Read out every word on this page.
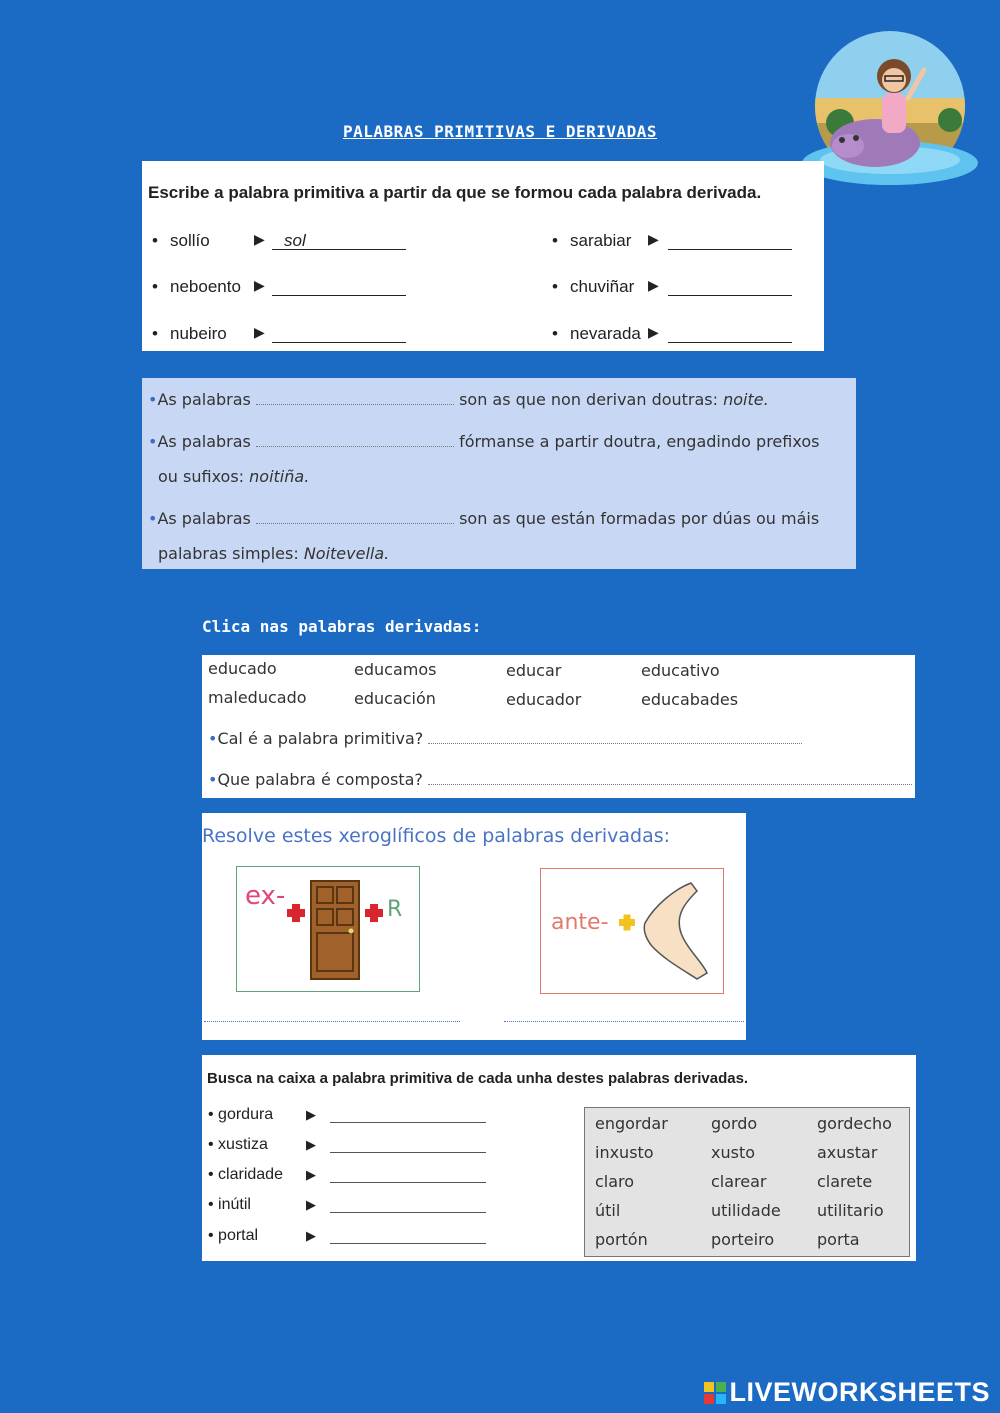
PALABRAS PRIMITIVAS E DERIVADAS
Escribe a palabra primitiva a partir da que se formou cada palabra derivada.
• sollío	▶	sol
• neboento ▶
• nubeiro ▶
• sarabiar ▶
• chuviñar ▶
• nevarada ▶
•As palabras	son as que non derivan doutras: noite.
•As palabras	fórmanse a partir doutra, engadindo prefixos
ou sufixos: noitiña.
•As palabras	son as que están formadas por dúas ou máis
palabras simples: Noitevella.
Clica nas palabras derivadas:
educado	educamos	educar	educativo
maleducado	educación	educador	educabades
•Cal é a palabra primitiva?
•Que palabra é composta?
Resolve estes xeroglíficos de palabras derivadas:
ex-	R
ante-
Busca na caixa a palabra primitiva de cada unha destes palabras derivadas.
• gordura	▶
• xustiza	▶
• claridade ▶
• inútil	▶
• portal	▶
engordar	gordo	gordecho
inxusto	xusto	axustar
claro	clarear	clarete
útil	utilidade utilitario
portón	porteiro	porta
LIVEWORKSHEETS
